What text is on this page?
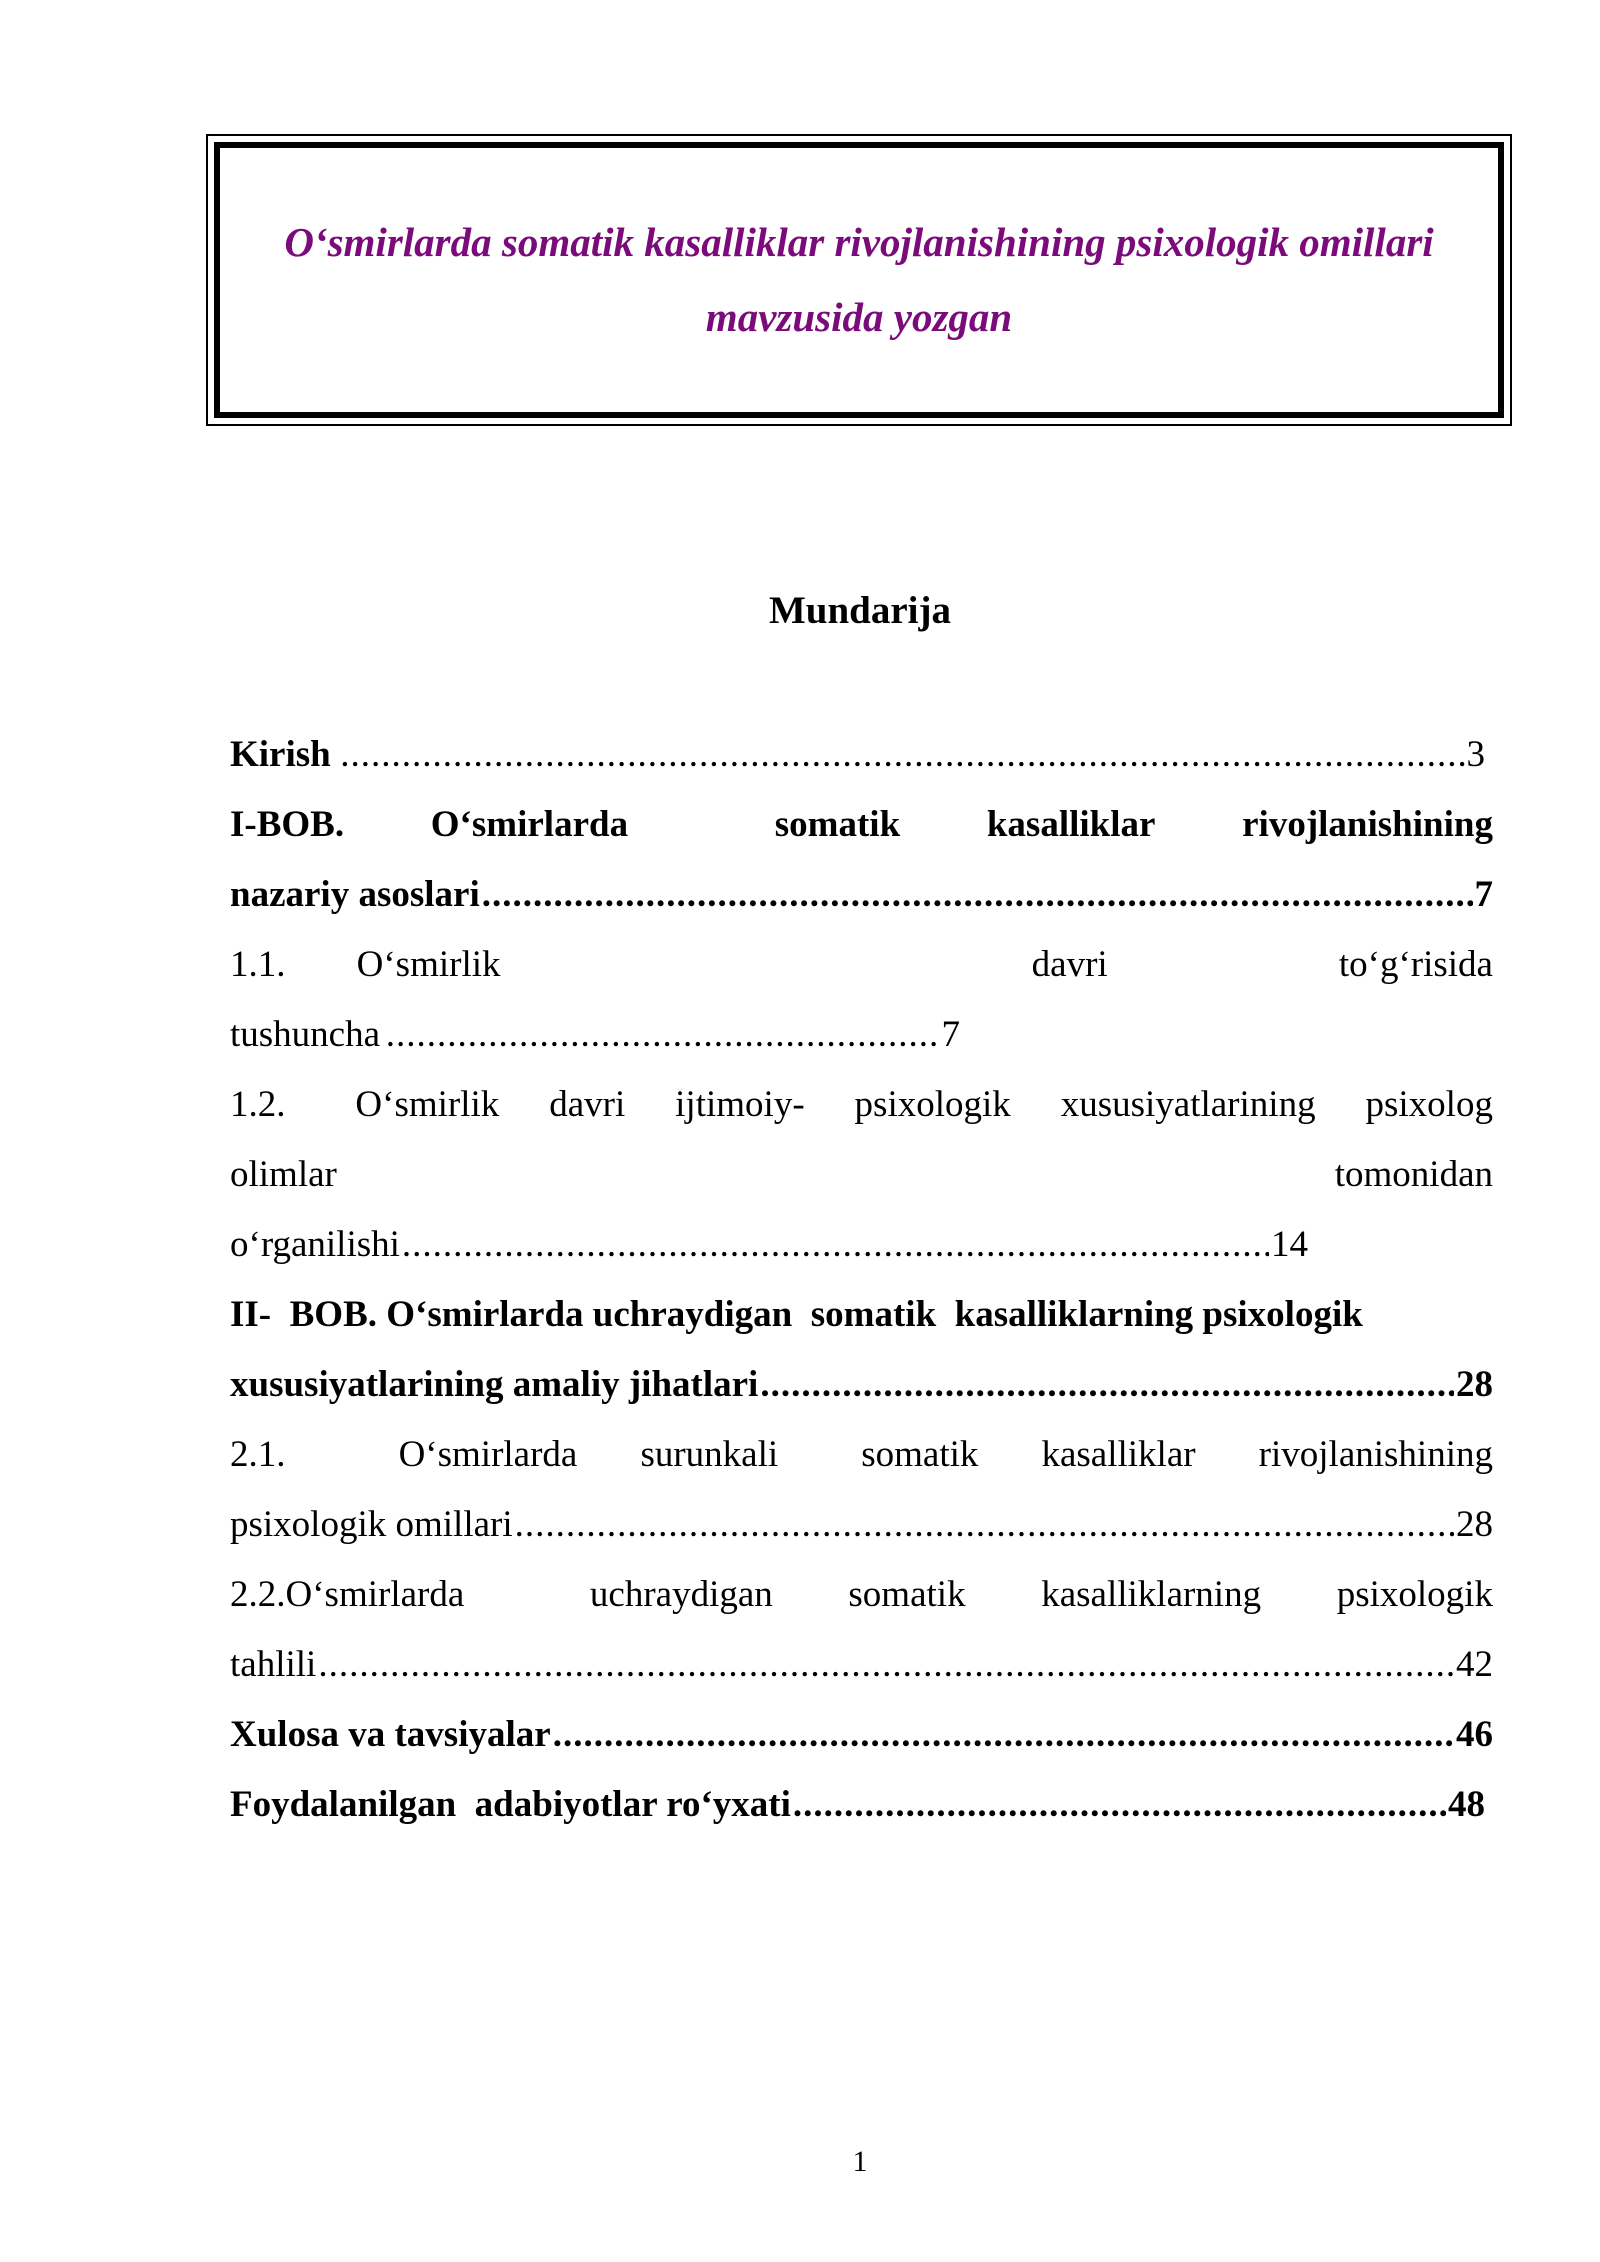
O‘smirlarda somatik kasalliklar rivojlanishining psixologik omillari mavzusida yozgan

Mundarija
Kirish .....	3
I-BOB. O‘smirlarda	somatik kasalliklar rivojlanishining
nazariy asoslari .....	7
1.1. O‘smirlik	davri	to‘g‘risida
tushuncha .....	7
1.2. O‘smirlik davri ijtimoiy- psixologik xususiyatlarining psixolog
olimlar	tomonidan
o‘rganilishi .....	14
II-  BOB. O‘smirlarda uchraydigan  somatik  kasalliklarning psixologik
xususiyatlarining amaliy jihatlari .....	28
2.1.	O‘smirlarda surunkali somatik kasalliklar rivojlanishining
psixologik omillari .....	28
2.2.O‘smirlarda	uchraydigan somatik kasalliklarning psixologik
tahlili .....	42
Xulosa va tavsiyalar .....	46
Foydalanilgan  adabiyotlar ro‘yxati .....	48
1
